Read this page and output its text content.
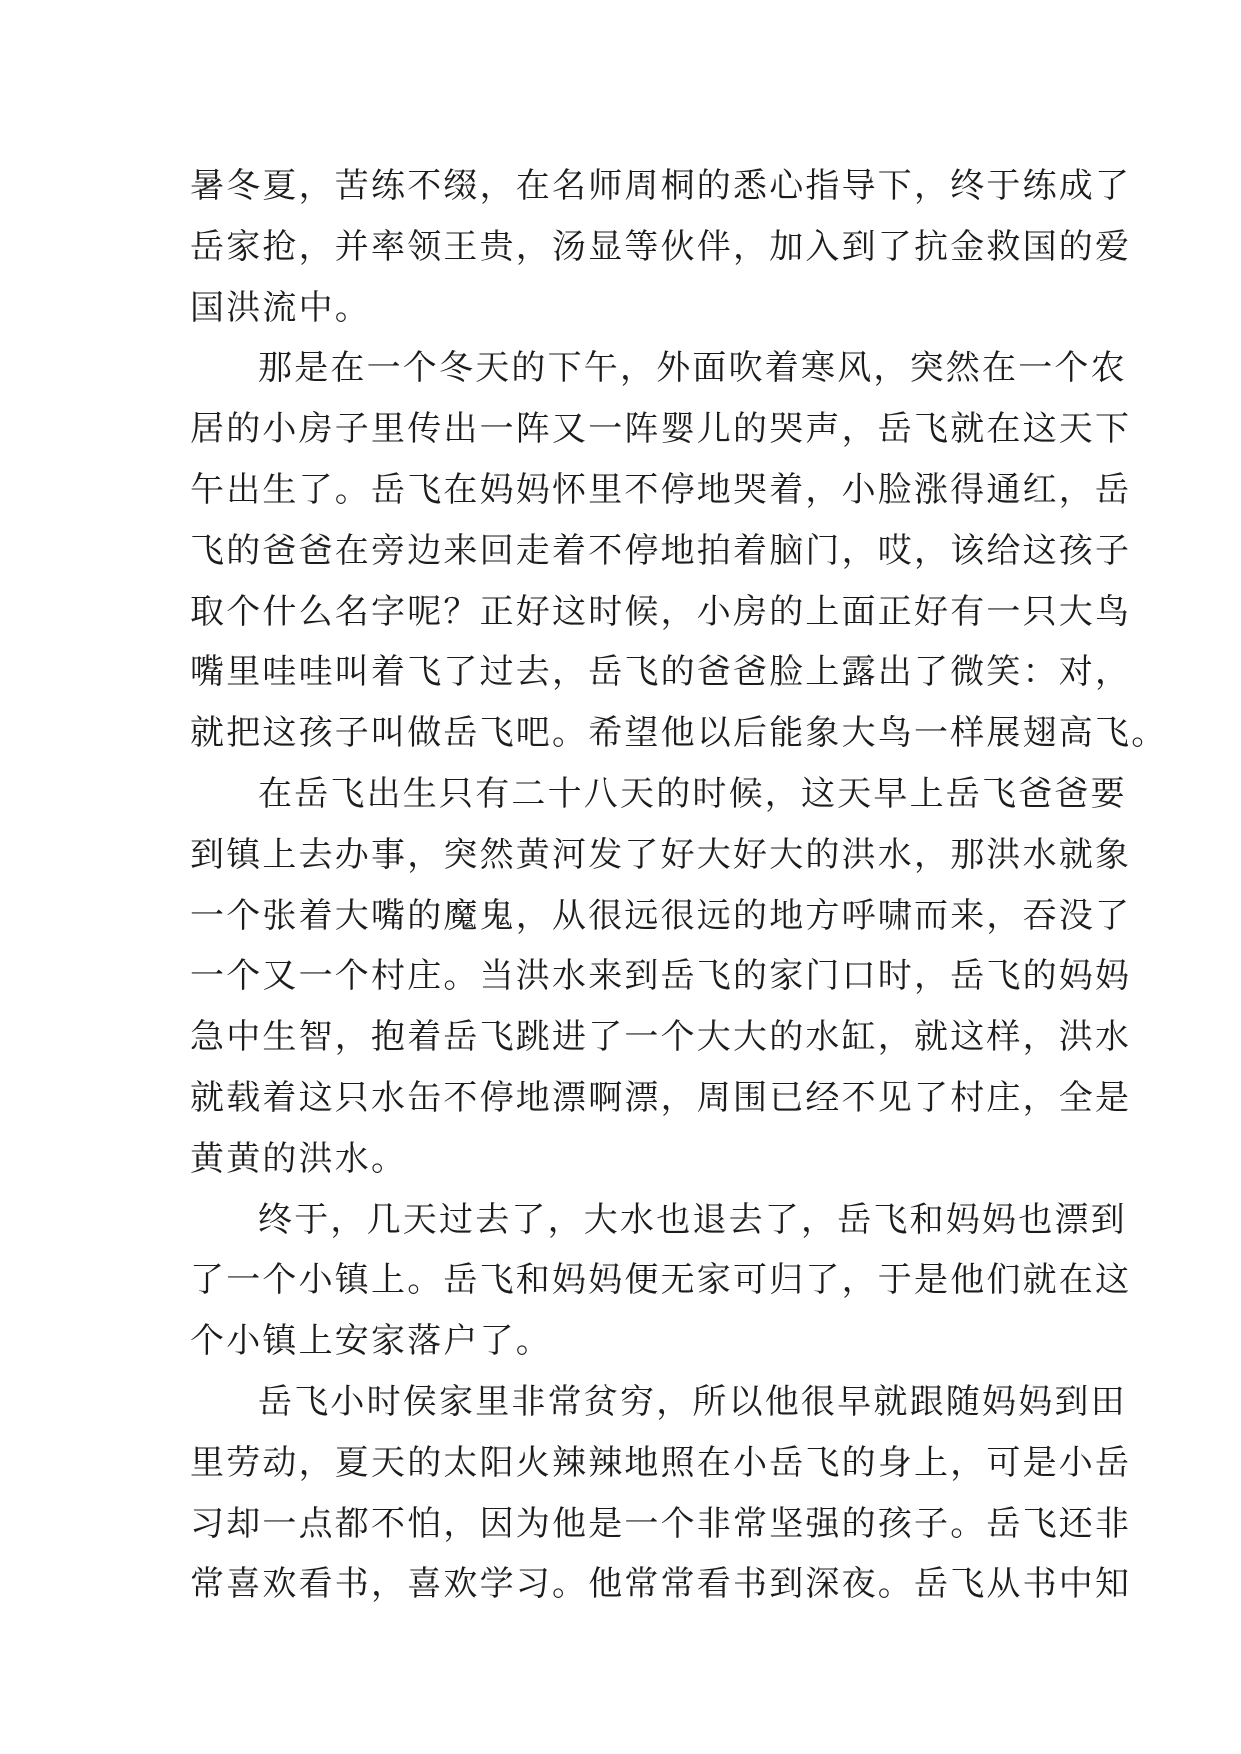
暑冬夏，苦练不缀，在名师周桐的悉心指导下，终于练成了
岳家抢，并率领王贵，汤显等伙伴，加入到了抗金救国的爱
国洪流中。
那是在一个冬天的下午，外面吹着寒风，突然在一个农
居的小房子里传出一阵又一阵婴儿的哭声，岳飞就在这天下
午出生了。岳飞在妈妈怀里不停地哭着，小脸涨得通红，岳
飞的爸爸在旁边来回走着不停地拍着脑门，哎，该给这孩子
取个什么名字呢？正好这时候，小房的上面正好有一只大鸟
嘴里哇哇叫着飞了过去，岳飞的爸爸脸上露出了微笑：对，
就把这孩子叫做岳飞吧。希望他以后能象大鸟一样展翅高飞。
在岳飞出生只有二十八天的时候，这天早上岳飞爸爸要
到镇上去办事，突然黄河发了好大好大的洪水，那洪水就象
一个张着大嘴的魔鬼，从很远很远的地方呼啸而来，吞没了
一个又一个村庄。当洪水来到岳飞的家门口时，岳飞的妈妈
急中生智，抱着岳飞跳进了一个大大的水缸，就这样，洪水
就载着这只水缶不停地漂啊漂，周围已经不见了村庄，全是
黄黄的洪水。
终于，几天过去了，大水也退去了，岳飞和妈妈也漂到
了一个小镇上。岳飞和妈妈便无家可归了，于是他们就在这
个小镇上安家落户了。
岳飞小时侯家里非常贫穷，所以他很早就跟随妈妈到田
里劳动，夏天的太阳火辣辣地照在小岳飞的身上，可是小岳
习却一点都不怕，因为他是一个非常坚强的孩子。岳飞还非
常喜欢看书，喜欢学习。他常常看书到深夜。岳飞从书中知
